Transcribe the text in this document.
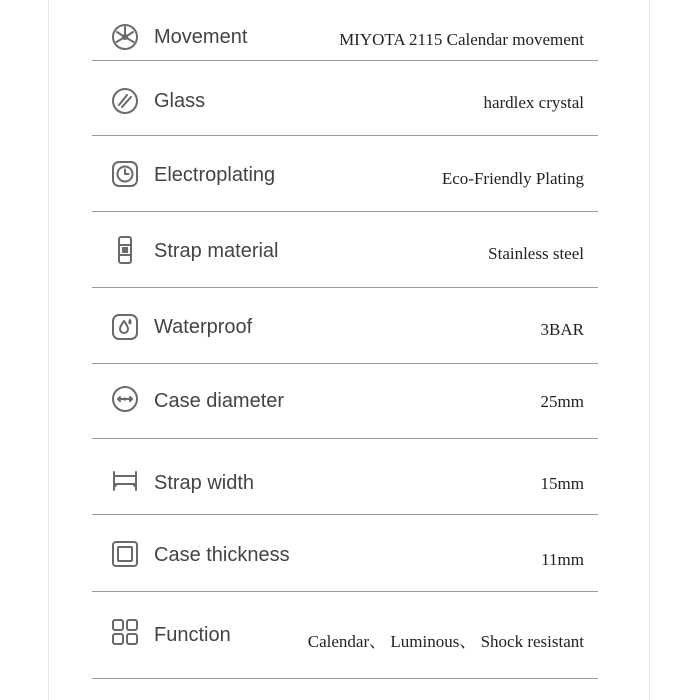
Movement	MIYOTA 2115 Calendar movement
Glass	hardlex crystal
Electroplating	Eco-Friendly Plating
Strap material	Stainless steel
Waterproof	3BAR
Case diameter	25mm
Strap width	15mm
Case thickness	11mm
Function	Calendar、 Luminous、 Shock resistant
